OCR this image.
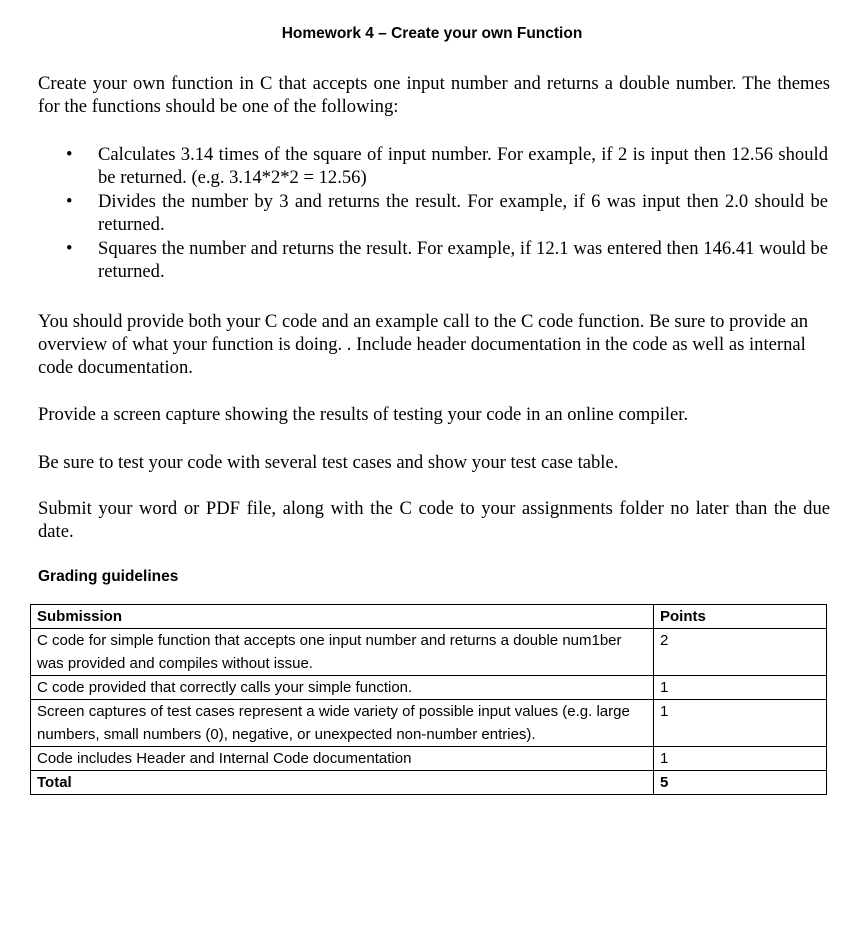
Homework 4 – Create your own Function

Create your own function in C that accepts one input number and returns a double number. The themes for the functions should be one of the following:

• Calculates 3.14 times of the square of input number. For example, if 2 is input then 12.56 should be returned. (e.g. 3.14*2*2 = 12.56)
• Divides the number by 3 and returns the result. For example, if 6 was input then 2.0 should be returned.
• Squares the number and returns the result. For example, if 12.1 was entered then 146.41 would be returned.

You should provide both your C code and an example call to the C code function. Be sure to provide an overview of what your function is doing. . Include header documentation in the code as well as internal code documentation.

Provide a screen capture showing the results of testing your code in an online compiler.

Be sure to test your code with several test cases and show your test case table.

Submit your word or PDF file, along with the C code to your assignments folder no later than the due date.

Grading guidelines
Submission	Points
C code for simple function that accepts one input number and returns a double num1ber was provided and compiles without issue.	2
C code provided that correctly calls your simple function.	1
Screen captures of test cases represent a wide variety of possible input values (e.g. large numbers, small numbers (0), negative, or unexpected non-number entries).	1
Code includes Header and Internal Code documentation	1
Total	5
